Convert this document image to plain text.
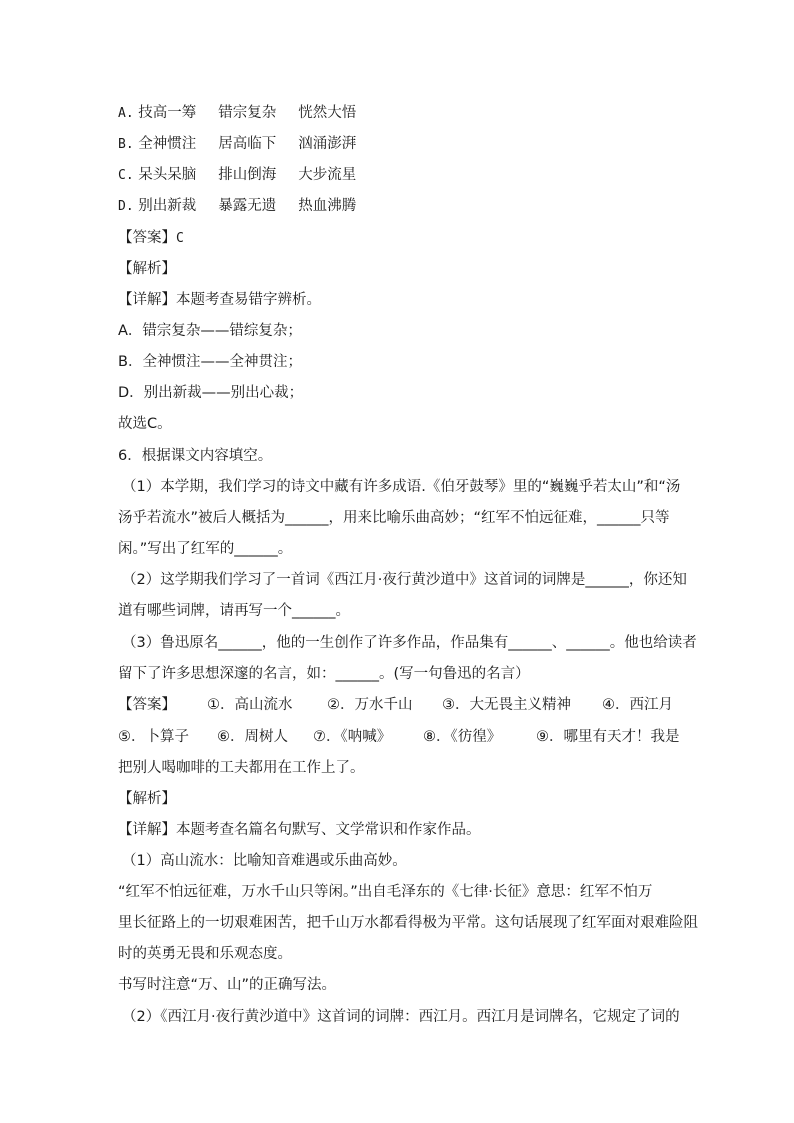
A. 技高一筹 错宗复杂 恍然大悟
B. 全神惯注 居高临下 汹涌澎湃
C. 呆头呆脑 排山倒海 大步流星
D. 别出新裁 暴露无遗 热血沸腾
【答案】C
【解析】
【详解】本题考查易错字辨析。
A．错宗复杂——错综复杂；
B．全神惯注——全神贯注；
D．别出新裁——别出心裁；
故选C。
6．根据课文内容填空。
（1）本学期，我们学习的诗文中藏有许多成语.《伯牙鼓琴》里的“巍巍乎若太山”和“汤
汤乎若流水”被后人概括为______，用来比喻乐曲高妙；“红军不怕远征难，______只等
闲。”写出了红军的______。
（2）这学期我们学习了一首词《西江月·夜行黄沙道中》这首词的词牌是______，你还知
道有哪些词牌，请再写一个______。
（3）鲁迅原名______，他的一生创作了许多作品，作品集有______、______。他也给读者
留下了许多思想深邃的名言，如：______。(写一句鲁迅的名言）
【答案】 ①．高山流水 ②．万水千山 ③．大无畏主义精神 ④．西江月
⑤．卜算子 ⑥．周树人 ⑦．《呐喊》 ⑧．《彷徨》 ⑨．哪里有天才！我是
把别人喝咖啡的工夫都用在工作上了。
【解析】
【详解】本题考查名篇名句默写、文学常识和作家作品。
（1）高山流水：比喻知音难遇或乐曲高妙。
“红军不怕远征难，万水千山只等闲。”出自毛泽东的《七律·长征》意思：红军不怕万
里长征路上的一切艰难困苦，把千山万水都看得极为平常。这句话展现了红军面对艰难险阻
时的英勇无畏和乐观态度。
书写时注意“万、山”的正确写法。
（2）《西江月·夜行黄沙道中》这首词的词牌：西江月。西江月是词牌名，它规定了词的
